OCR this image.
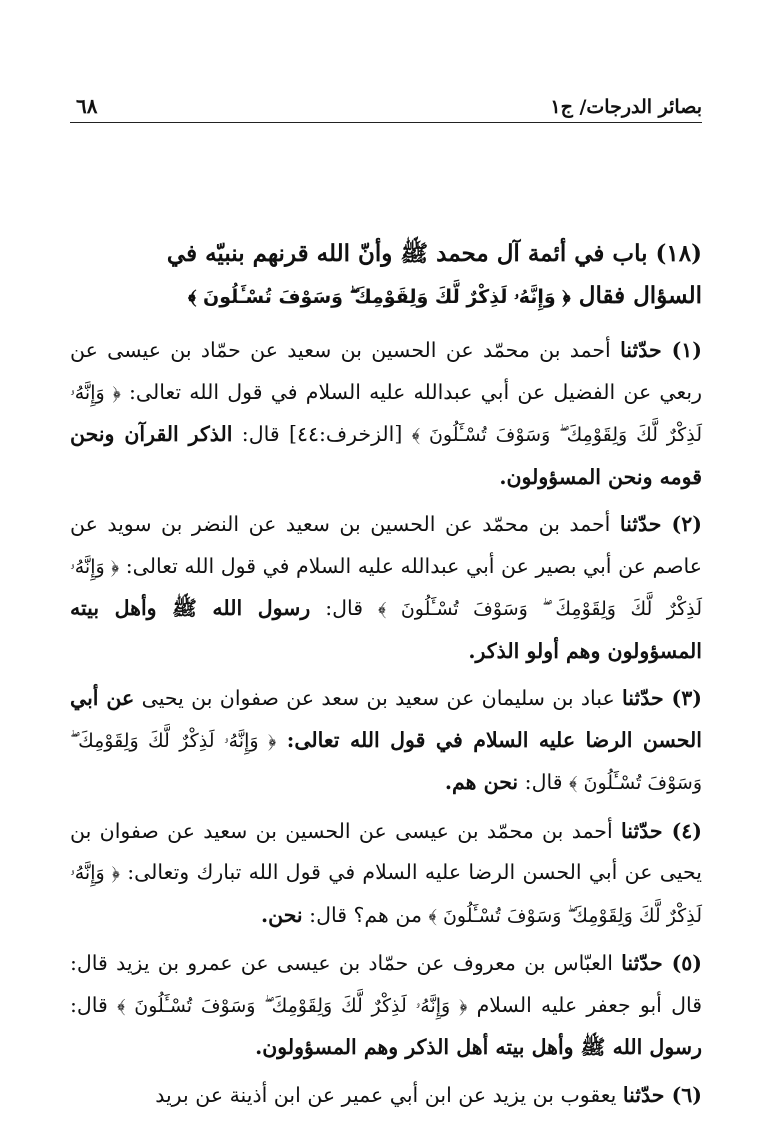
بصائر الدرجات/ ج١
٦٨
(١٨) باب في أئمة آل محمد ﷺ وأنّ الله قرنهم بنبيّه في
السؤال فقال ﴿ وَإِنَّهُۥ لَذِكْرٌ لَّكَ وَلِقَوْمِكَ ۖ وَسَوْفَ تُسْـَٔلُونَ ﴾

(١) حدّثنا أحمد بن محمّد عن الحسين بن سعيد عن حمّاد بن عيسى عن ربعي عن الفضيل عن أبي عبدالله عليه السلام في قول الله تعالى: ﴿ وَإِنَّهُۥ لَذِكْرٌ لَّكَ وَلِقَوْمِكَ ۖ وَسَوْفَ تُسْـَٔلُونَ ﴾ [الزخرف:٤٤] قال: الذكر القرآن ونحن قومه ونحن المسؤولون.

(٢) حدّثنا أحمد بن محمّد عن الحسين بن سعيد عن النضر بن سويد عن عاصم عن أبي بصير عن أبي عبدالله عليه السلام في قول الله تعالى: ﴿ وَإِنَّهُۥ لَذِكْرٌ لَّكَ وَلِقَوْمِكَ ۖ وَسَوْفَ تُسْـَٔلُونَ ﴾ قال: رسول الله ﷺ وأهل بيته المسؤولون وهم أولو الذكر.

(٣) حدّثنا عباد بن سليمان عن سعيد بن سعد عن صفوان بن يحيى عن أبي الحسن الرضا عليه السلام في قول الله تعالى: ﴿ وَإِنَّهُۥ لَذِكْرٌ لَّكَ وَلِقَوْمِكَ ۖ وَسَوْفَ تُسْـَٔلُونَ ﴾ قال: نحن هم.

(٤) حدّثنا أحمد بن محمّد بن عيسى عن الحسين بن سعيد عن صفوان بن يحيى عن أبي الحسن الرضا عليه السلام في قول الله تبارك وتعالى: ﴿ وَإِنَّهُۥ لَذِكْرٌ لَّكَ وَلِقَوْمِكَ ۖ وَسَوْفَ تُسْـَٔلُونَ ﴾ من هم؟ قال: نحن.

(٥) حدّثنا العبّاس بن معروف عن حمّاد بن عيسى عن عمرو بن يزيد قال: قال أبو جعفر عليه السلام ﴿ وَإِنَّهُۥ لَذِكْرٌ لَّكَ وَلِقَوْمِكَ ۖ وَسَوْفَ تُسْـَٔلُونَ ﴾ قال: رسول الله ﷺ وأهل بيته أهل الذكر وهم المسؤولون.

(٦) حدّثنا يعقوب بن يزيد عن ابن أبي عمير عن ابن أذينة عن بريد
